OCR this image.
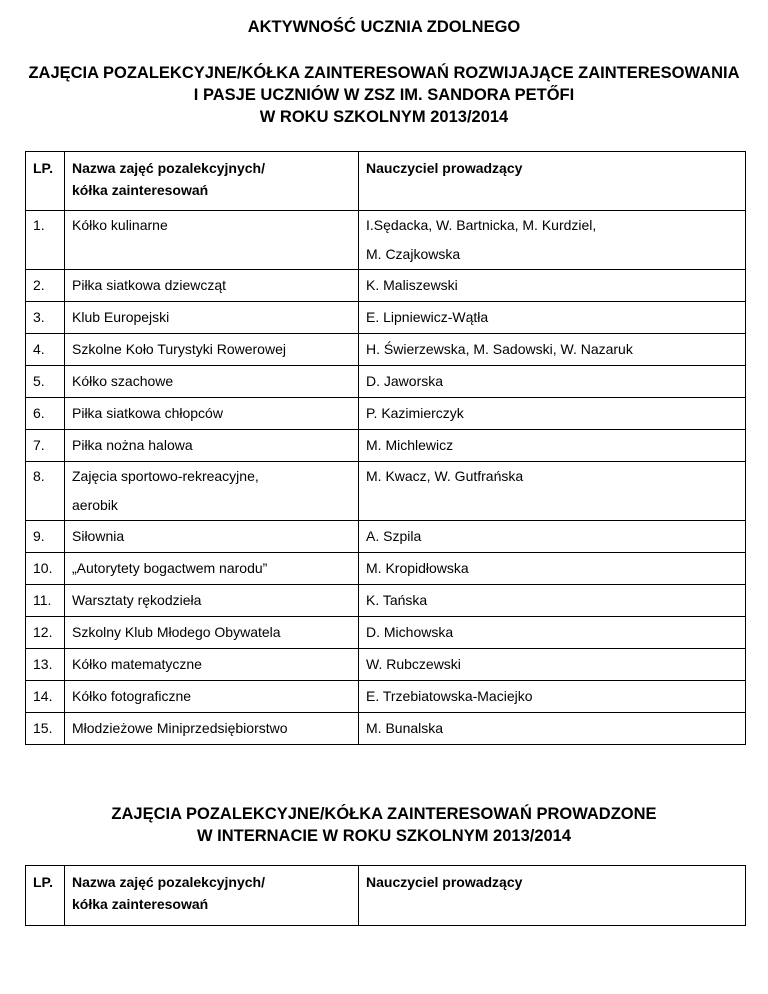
AKTYWNOŚĆ UCZNIA ZDOLNEGO
ZAJĘCIA POZALEKCYJNE/KÓŁKA ZAINTERESOWAŃ ROZWIJAJĄCE ZAINTERESOWANIA
I PASJE UCZNIÓW W ZSZ IM. SANDORA PETŐFI
W ROKU SZKOLNYM 2013/2014
LP.	Nazwa zajęć pozalekcyjnych/
kółka zainteresowań	Nauczyciel prowadzący

1.	Kółko kulinarne	I.Sędacka, W. Bartnicka, M. Kurdziel,
M. Czajkowska

2.	Piłka siatkowa dziewcząt	K. Maliszewski

3.	Klub Europejski	E. Lipniewicz-Wątła

4.	Szkolne Koło Turystyki Rowerowej	H. Świerzewska, M. Sadowski, W. Nazaruk

5.	Kółko szachowe	D. Jaworska

6.	Piłka siatkowa chłopców	P. Kazimierczyk

7.	Piłka nożna halowa	M. Michlewicz

8.	Zajęcia sportowo-rekreacyjne,
aerobik	M. Kwacz, W. Gutfrańska

9.	Siłownia	A. Szpila

10.	„Autorytety bogactwem narodu”	M. Kropidłowska

11.	Warsztaty rękodzieła	K. Tańska

12.	Szkolny Klub Młodego Obywatela	D. Michowska

13.	Kółko matematyczne	W. Rubczewski

14.	Kółko fotograficzne	E. Trzebiatowska-Maciejko

15.	Młodzieżowe Miniprzedsiębiorstwo	M. Bunalska
ZAJĘCIA POZALEKCYJNE/KÓŁKA ZAINTERESOWAŃ PROWADZONE
W INTERNACIE W ROKU SZKOLNYM 2013/2014
LP.	Nazwa zajęć pozalekcyjnych/
kółka zainteresowań

Nauczyciel prowadzący
